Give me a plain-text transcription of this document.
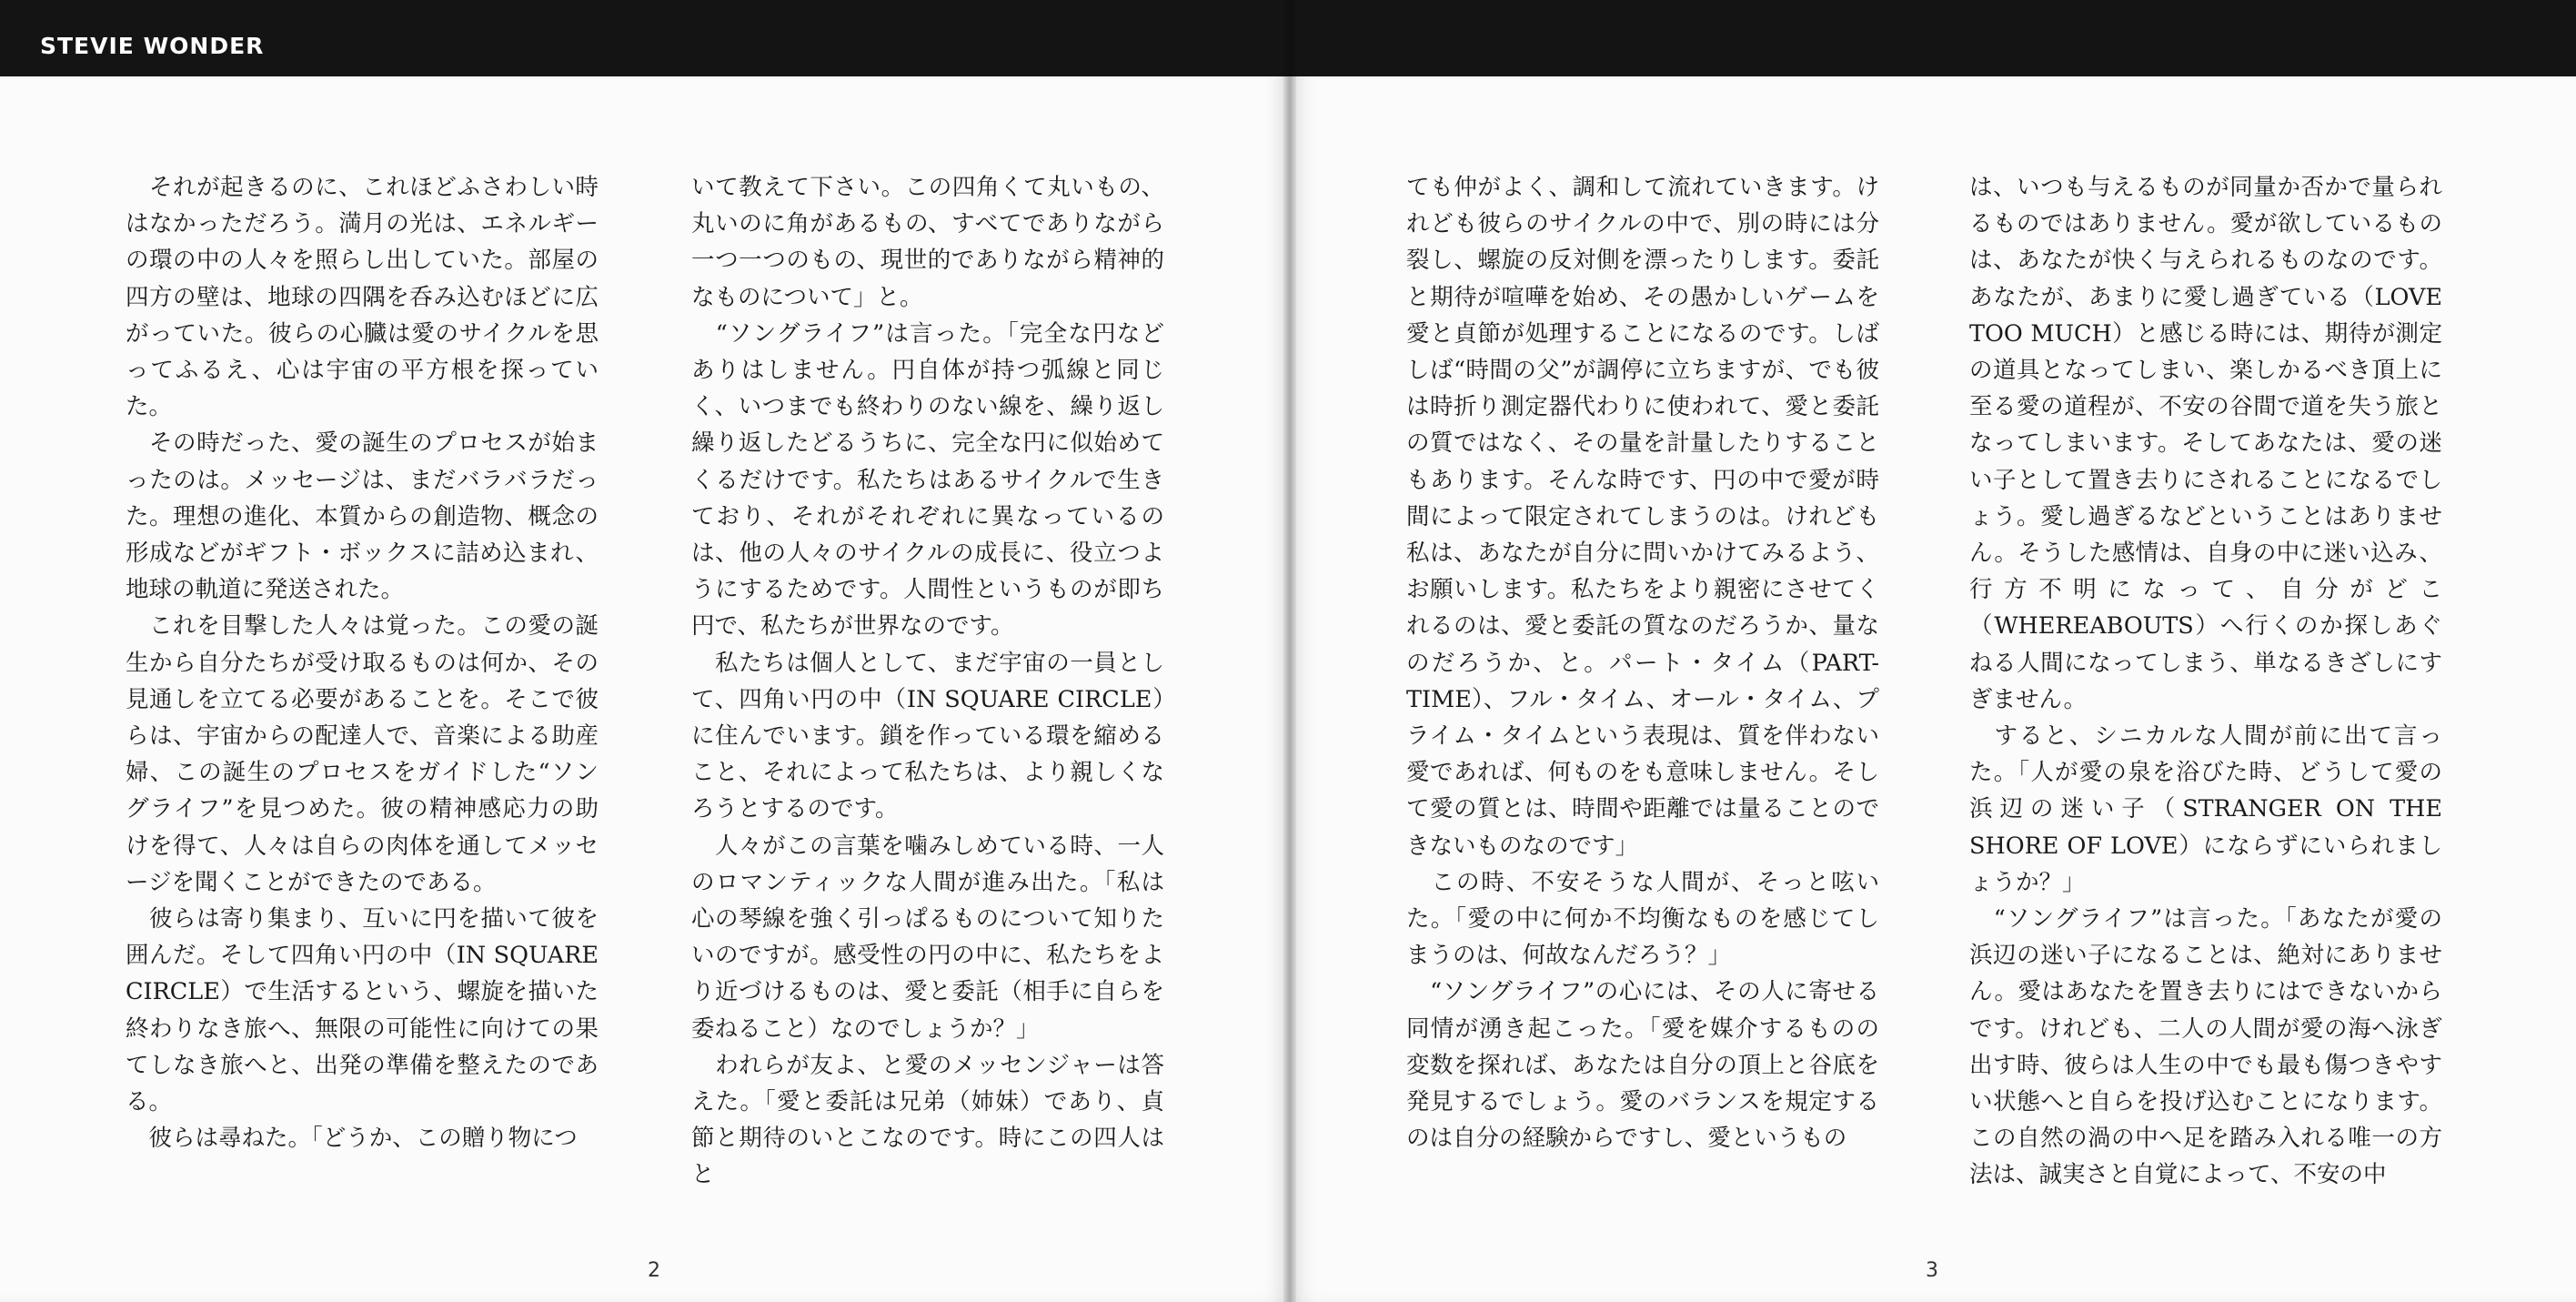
STEVIE WONDER
　それが起きるのに、これほどふさわしい時はなかっただろう。満月の光は、エネルギーの環の中の人々を照らし出していた。部屋の四方の壁は、地球の四隅を呑み込むほどに広がっていた。彼らの心臓は愛のサイクルを思ってふるえ、心は宇宙の平方根を探っていた。
　その時だった、愛の誕生のプロセスが始まったのは。メッセージは、まだバラバラだった。理想の進化、本質からの創造物、概念の形成などがギフト・ボックスに詰め込まれ、地球の軌道に発送された。
　これを目撃した人々は覚った。この愛の誕生から自分たちが受け取るものは何か、その見通しを立てる必要があることを。そこで彼らは、宇宙からの配達人で、音楽による助産婦、この誕生のプロセスをガイドした“ソングライフ”を見つめた。彼の精神感応力の助けを得て、人々は自らの肉体を通してメッセージを聞くことができたのである。
　彼らは寄り集まり、互いに円を描いて彼を囲んだ。そして四角い円の中（IN SQUARE CIRCLE）で生活するという、螺旋を描いた終わりなき旅へ、無限の可能性に向けての果てしなき旅へと、出発の準備を整えたのである。
　彼らは尋ねた。「どうか、この贈り物につ
いて教えて下さい。この四角くて丸いもの、丸いのに角があるもの、すべてでありながら一つ一つのもの、現世的でありながら精神的なものについて」と。
　“ソングライフ”は言った。「完全な円などありはしません。円自体が持つ弧線と同じく、いつまでも終わりのない線を、繰り返し繰り返したどるうちに、完全な円に似始めてくるだけです。私たちはあるサイクルで生きており、それがそれぞれに異なっているのは、他の人々のサイクルの成長に、役立つようにするためです。人間性というものが即ち円で、私たちが世界なのです。
　私たちは個人として、まだ宇宙の一員として、四角い円の中（IN SQUARE CIRCLE）に住んでいます。鎖を作っている環を縮めること、それによって私たちは、より親しくなろうとするのです。
　人々がこの言葉を噛みしめている時、一人のロマンティックな人間が進み出た。「私は心の琴線を強く引っぱるものについて知りたいのですが。感受性の円の中に、私たちをより近づけるものは、愛と委託（相手に自らを委ねること）なのでしょうか？」
　われらが友よ、と愛のメッセンジャーは答えた。「愛と委託は兄弟（姉妹）であり、貞節と期待のいとこなのです。時にこの四人はと
2
ても仲がよく、調和して流れていきます。けれども彼らのサイクルの中で、別の時には分裂し、螺旋の反対側を漂ったりします。委託と期待が喧嘩を始め、その愚かしいゲームを愛と貞節が処理することになるのです。しばしば“時間の父”が調停に立ちますが、でも彼は時折り測定器代わりに使われて、愛と委託の質ではなく、その量を計量したりすることもあります。そんな時です、円の中で愛が時間によって限定されてしまうのは。けれども私は、あなたが自分に問いかけてみるよう、お願いします。私たちをより親密にさせてくれるのは、愛と委託の質なのだろうか、量なのだろうか、と。パート・タイム（PART-TIME）、フル・タイム、オール・タイム、プライム・タイムという表現は、質を伴わない愛であれば、何ものをも意味しません。そして愛の質とは、時間や距離では量ることのできないものなのです」
　この時、不安そうな人間が、そっと呟いた。「愛の中に何か不均衡なものを感じてしまうのは、何故なんだろう？」
　“ソングライフ”の心には、その人に寄せる同情が湧き起こった。「愛を媒介するものの変数を探れば、あなたは自分の頂上と谷底を発見するでしょう。愛のバランスを規定するのは自分の経験からですし、愛というもの
は、いつも与えるものが同量か否かで量られるものではありません。愛が欲しているものは、あなたが快く与えられるものなのです。あなたが、あまりに愛し過ぎている（LOVE TOO MUCH）と感じる時には、期待が測定の道具となってしまい、楽しかるべき頂上に至る愛の道程が、不安の谷間で道を失う旅となってしまいます。そしてあなたは、愛の迷い子として置き去りにされることになるでしょう。愛し過ぎるなどということはありません。そうした感情は、自身の中に迷い込み、行方不明になって、自分がどこ（WHEREABOUTS）へ行くのか探しあぐねる人間になってしまう、単なるきざしにすぎません。
　すると、シニカルな人間が前に出て言った。「人が愛の泉を浴びた時、どうして愛の浜辺の迷い子（STRANGER ON THE SHORE OF LOVE）にならずにいられましょうか？」
　“ソングライフ”は言った。「あなたが愛の浜辺の迷い子になることは、絶対にありません。愛はあなたを置き去りにはできないからです。けれども、二人の人間が愛の海へ泳ぎ出す時、彼らは人生の中でも最も傷つきやすい状態へと自らを投げ込むことになります。この自然の渦の中へ足を踏み入れる唯一の方法は、誠実さと自覚によって、不安の中
3
